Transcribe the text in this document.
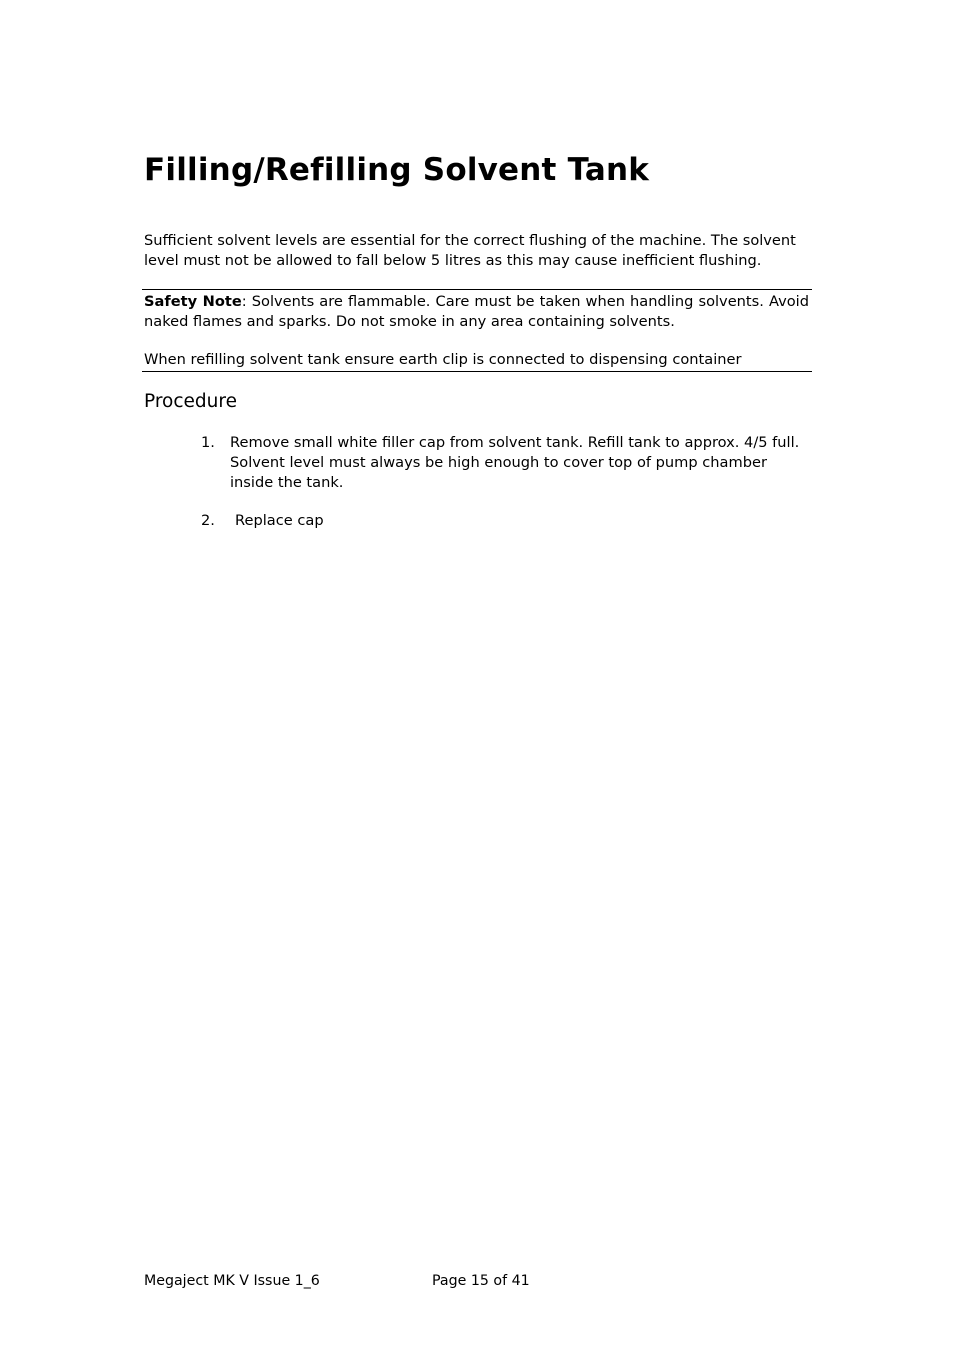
Filling/Refilling Solvent Tank

Sufficient solvent levels are essential for the correct flushing of the machine. The solvent level must not be allowed to fall below 5 litres as this may cause inefficient flushing.

Safety Note: Solvents are flammable. Care must be taken when handling solvents. Avoid naked flames and sparks. Do not smoke in any area containing solvents.

When refilling solvent tank ensure earth clip is connected to dispensing container

Procedure
1.	Remove small white filler cap from solvent tank. Refill tank to approx. 4/5 full. Solvent level must always be high enough to cover top of pump chamber inside the tank.
2.	Replace cap
Megaject MK V Issue 1_6	Page 15 of 41
